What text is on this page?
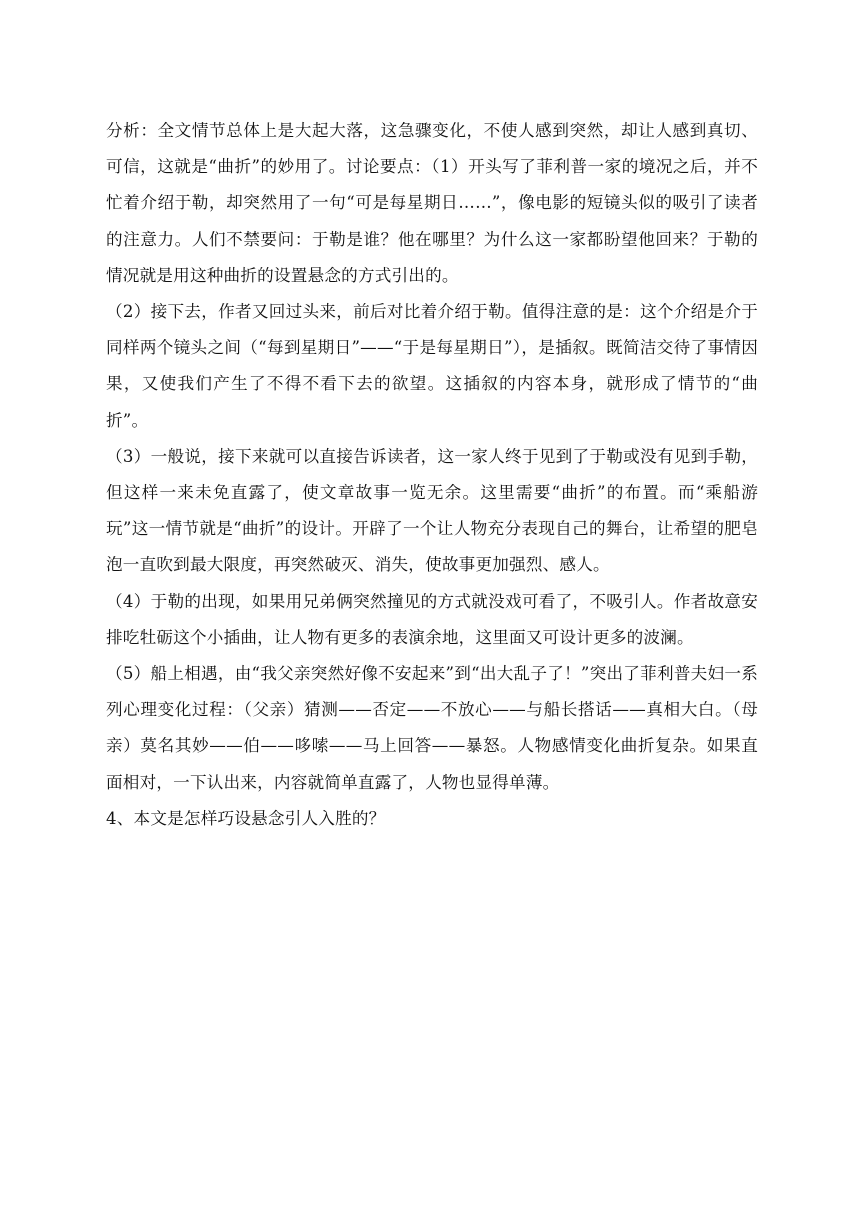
分析：全文情节总体上是大起大落，这急骤变化，不使人感到突然，却让人感到真切、可信，这就是“曲折”的妙用了。讨论要点：（1）开头写了菲利普一家的境况之后，并不忙着介绍于勒，却突然用了一句“可是每星期日……”，像电影的短镜头似的吸引了读者的注意力。人们不禁要问：于勒是谁？他在哪里？为什么这一家都盼望他回来？于勒的情况就是用这种曲折的设置悬念的方式引出的。

（2）接下去，作者又回过头来，前后对比着介绍于勒。值得注意的是：这个介绍是介于同样两个镜头之间（“每到星期日”——“于是每星期日”），是插叙。既简洁交待了事情因果，又使我们产生了不得不看下去的欲望。这插叙的内容本身，就形成了情节的“曲折”。

（3）一般说，接下来就可以直接告诉读者，这一家人终于见到了于勒或没有见到手勒，但这样一来未免直露了，使文章故事一览无余。这里需要“曲折”的布置。而“乘船游玩”这一情节就是“曲折”的设计。开辟了一个让人物充分表现自己的舞台，让希望的肥皂泡一直吹到最大限度，再突然破灭、消失，使故事更加强烈、感人。

（4）于勒的出现，如果用兄弟俩突然撞见的方式就没戏可看了，不吸引人。作者故意安排吃牡砺这个小插曲，让人物有更多的表演余地，这里面又可设计更多的波澜。

（5）船上相遇，由“我父亲突然好像不安起来”到“出大乱子了！”突出了菲利普夫妇一系列心理变化过程：（父亲）猜测——否定——不放心——与船长搭话——真相大白。（母亲）莫名其妙——伯——哆嗦——马上回答——暴怒。人物感情变化曲折复杂。如果直面相对，一下认出来，内容就简单直露了，人物也显得单薄。

4、本文是怎样巧设悬念引人入胜的？
